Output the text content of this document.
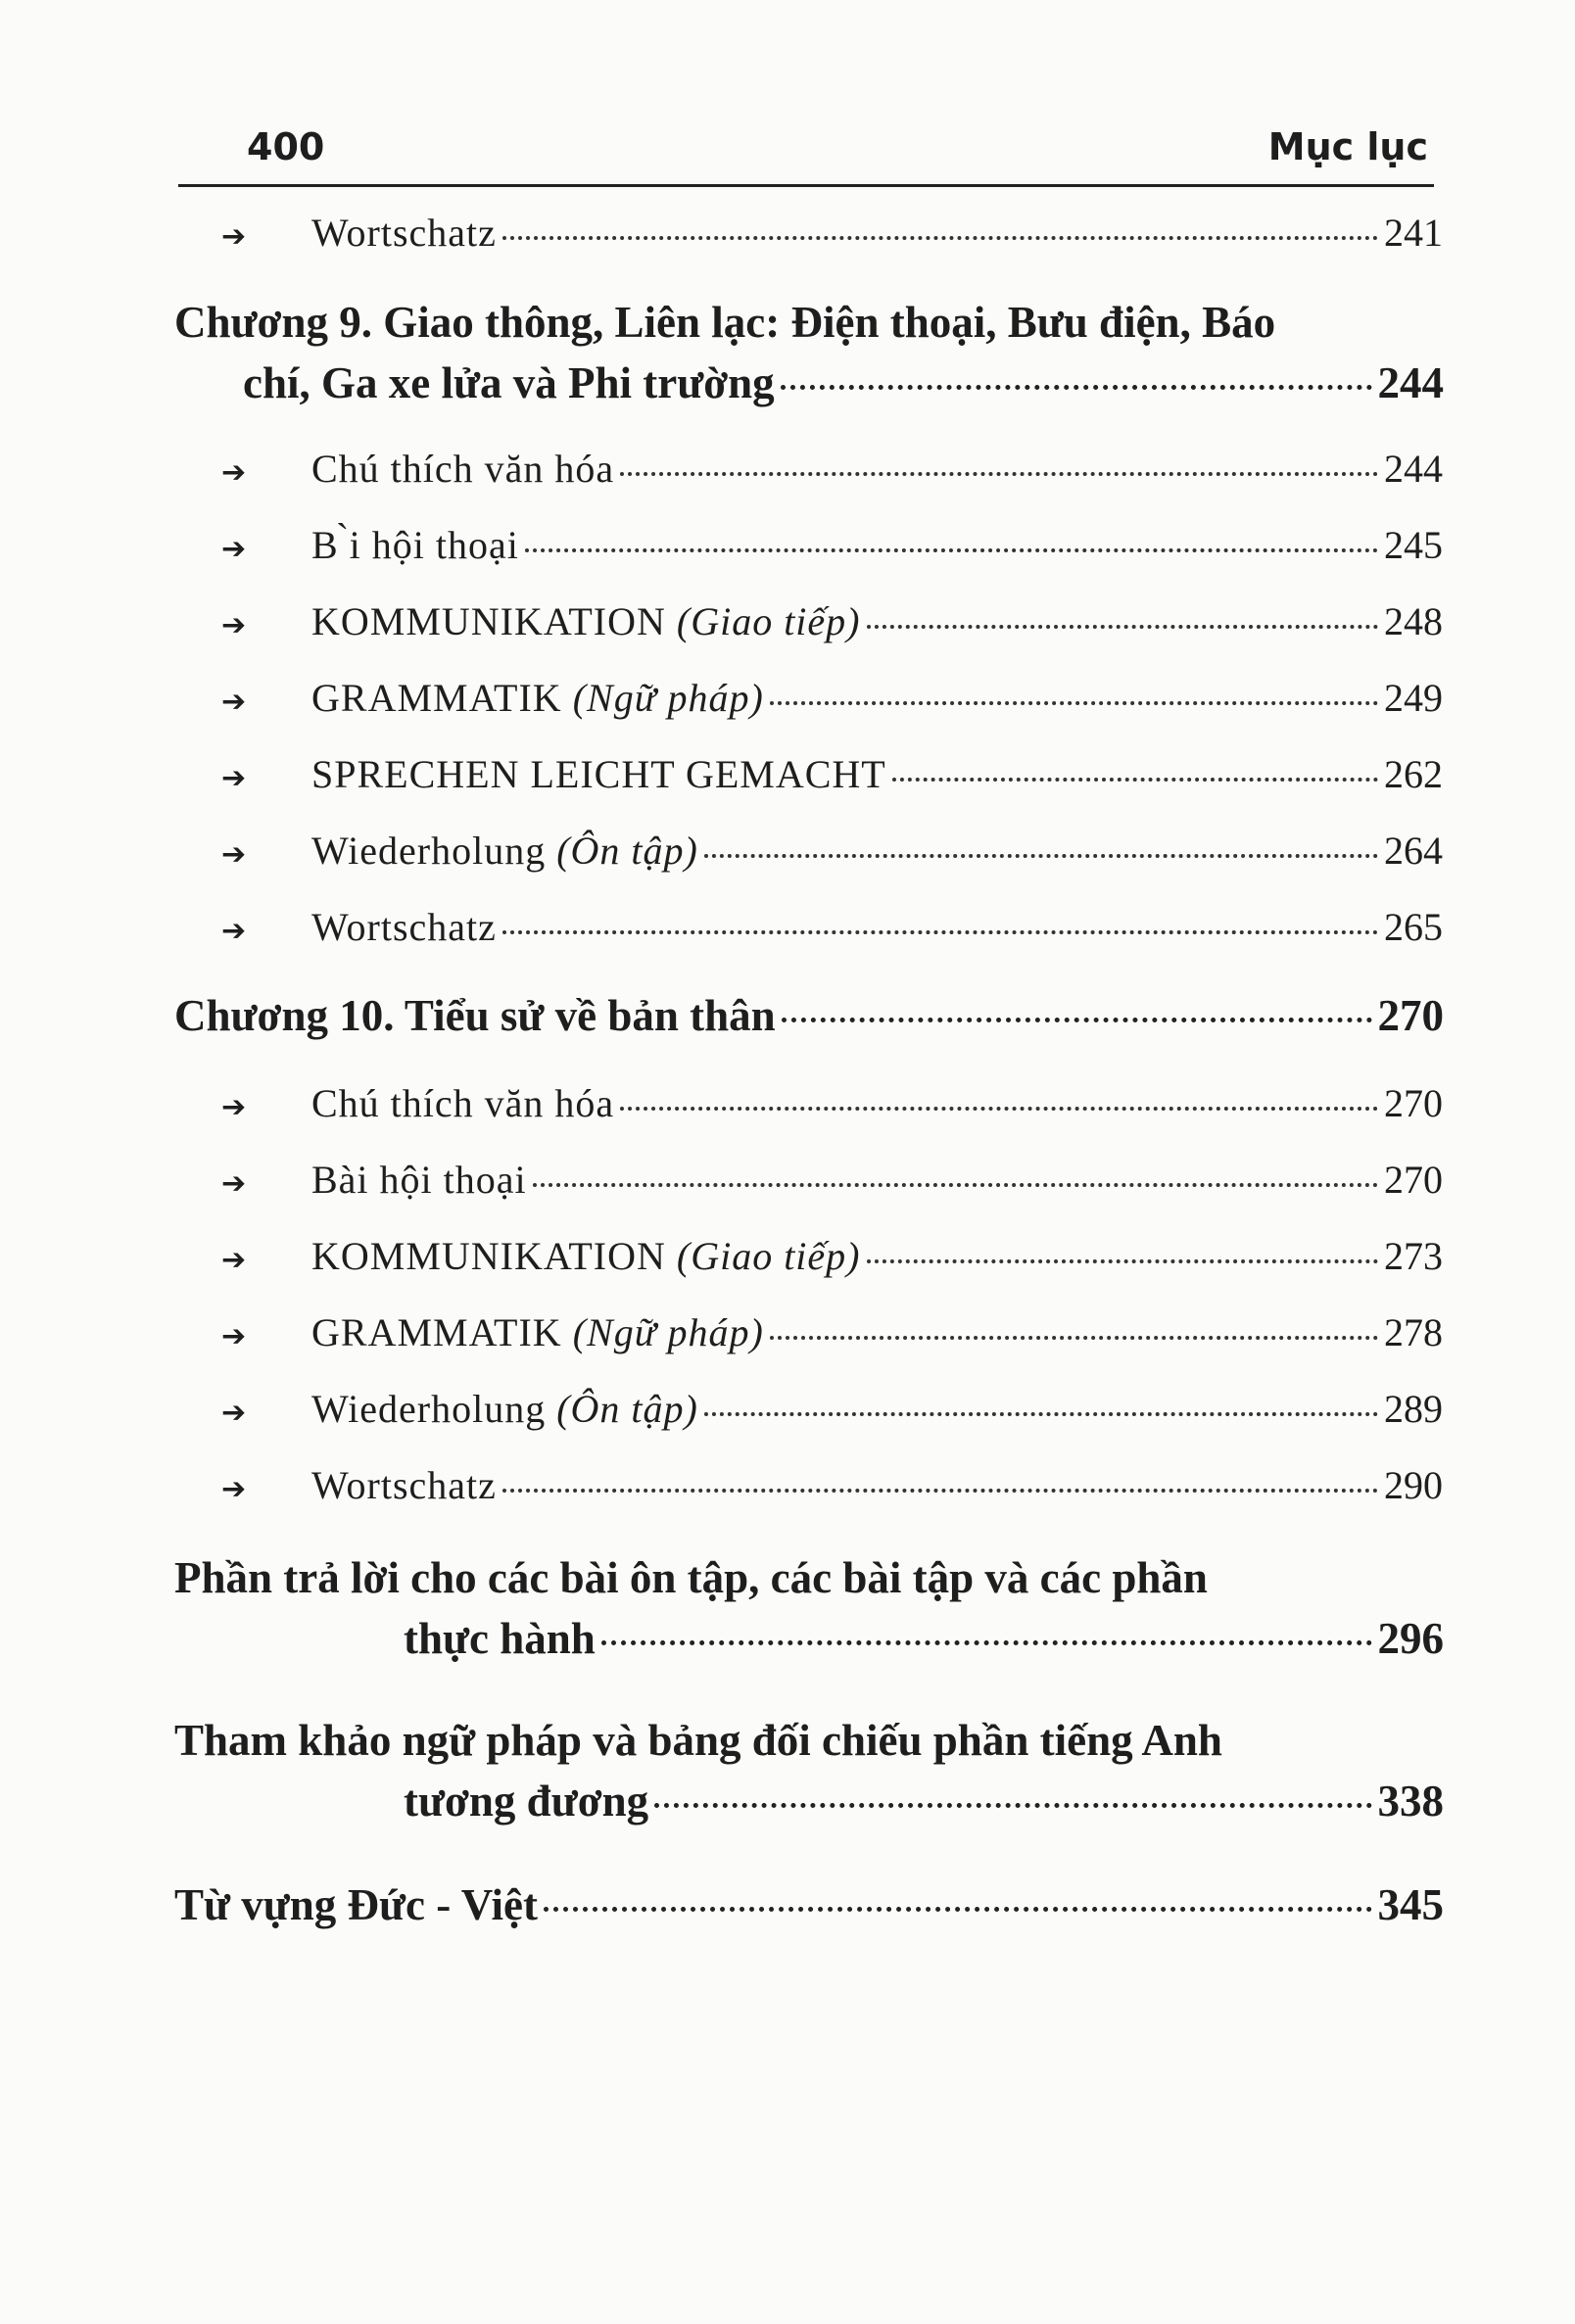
400	Mục lục
➔	Wortschatz	241
Chương 9. Giao thông, Liên lạc: Điện thoại, Bưu điện, Báo
chí, Ga xe lửa và Phi trường	244
➔	Chú thích văn hóa	244
➔	B ̀i hội thoại	245
➔	KOMMUNIKATION (Giao tiếp)	248
➔	GRAMMATIK (Ngữ pháp)	249
➔	SPRECHEN LEICHT GEMACHT	262
➔	Wiederholung (Ôn tập)	264
➔	Wortschatz	265
Chương 10. Tiểu sử về bản thân	270
➔	Chú thích văn hóa	270
➔	Bài hội thoại	270
➔	KOMMUNIKATION (Giao tiếp)	273
➔	GRAMMATIK (Ngữ pháp)	278
➔	Wiederholung (Ôn tập)	289
➔	Wortschatz	290
Phần trả lời cho các bài ôn tập, các bài tập và các phần
thực hành	296
Tham khảo ngữ pháp và bảng đối chiếu phần tiếng Anh
tương đương	338
Từ vựng Đức - Việt	345
